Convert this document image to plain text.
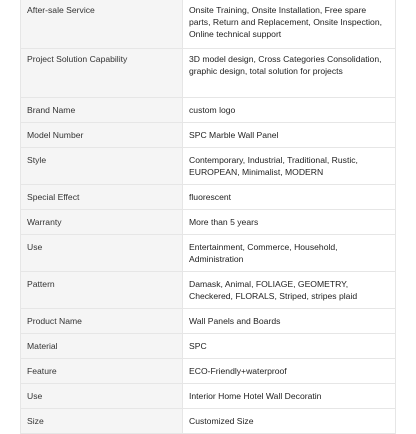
After-sale Service	Onsite Training, Onsite Installation, Free spare parts, Return and Replacement, Onsite Inspection, Online technical support
Project Solution Capability	3D model design, Cross Categories Consolidation, graphic design, total solution for projects
Brand Name	custom logo
Model Number	SPC Marble Wall Panel
Style	Contemporary, Industrial, Traditional, Rustic, EUROPEAN, Minimalist, MODERN
Special Effect	fluorescent
Warranty	More than 5 years
Use	Entertainment, Commerce, Household, Administration
Pattern	Damask, Animal, FOLIAGE, GEOMETRY, Checkered, FLORALS, Striped, stripes plaid
Product Name	Wall Panels and Boards
Material	SPC
Feature	ECO-Friendly+waterproof
Use	Interior Home Hotel Wall Decoratin
Size	Customized Size
